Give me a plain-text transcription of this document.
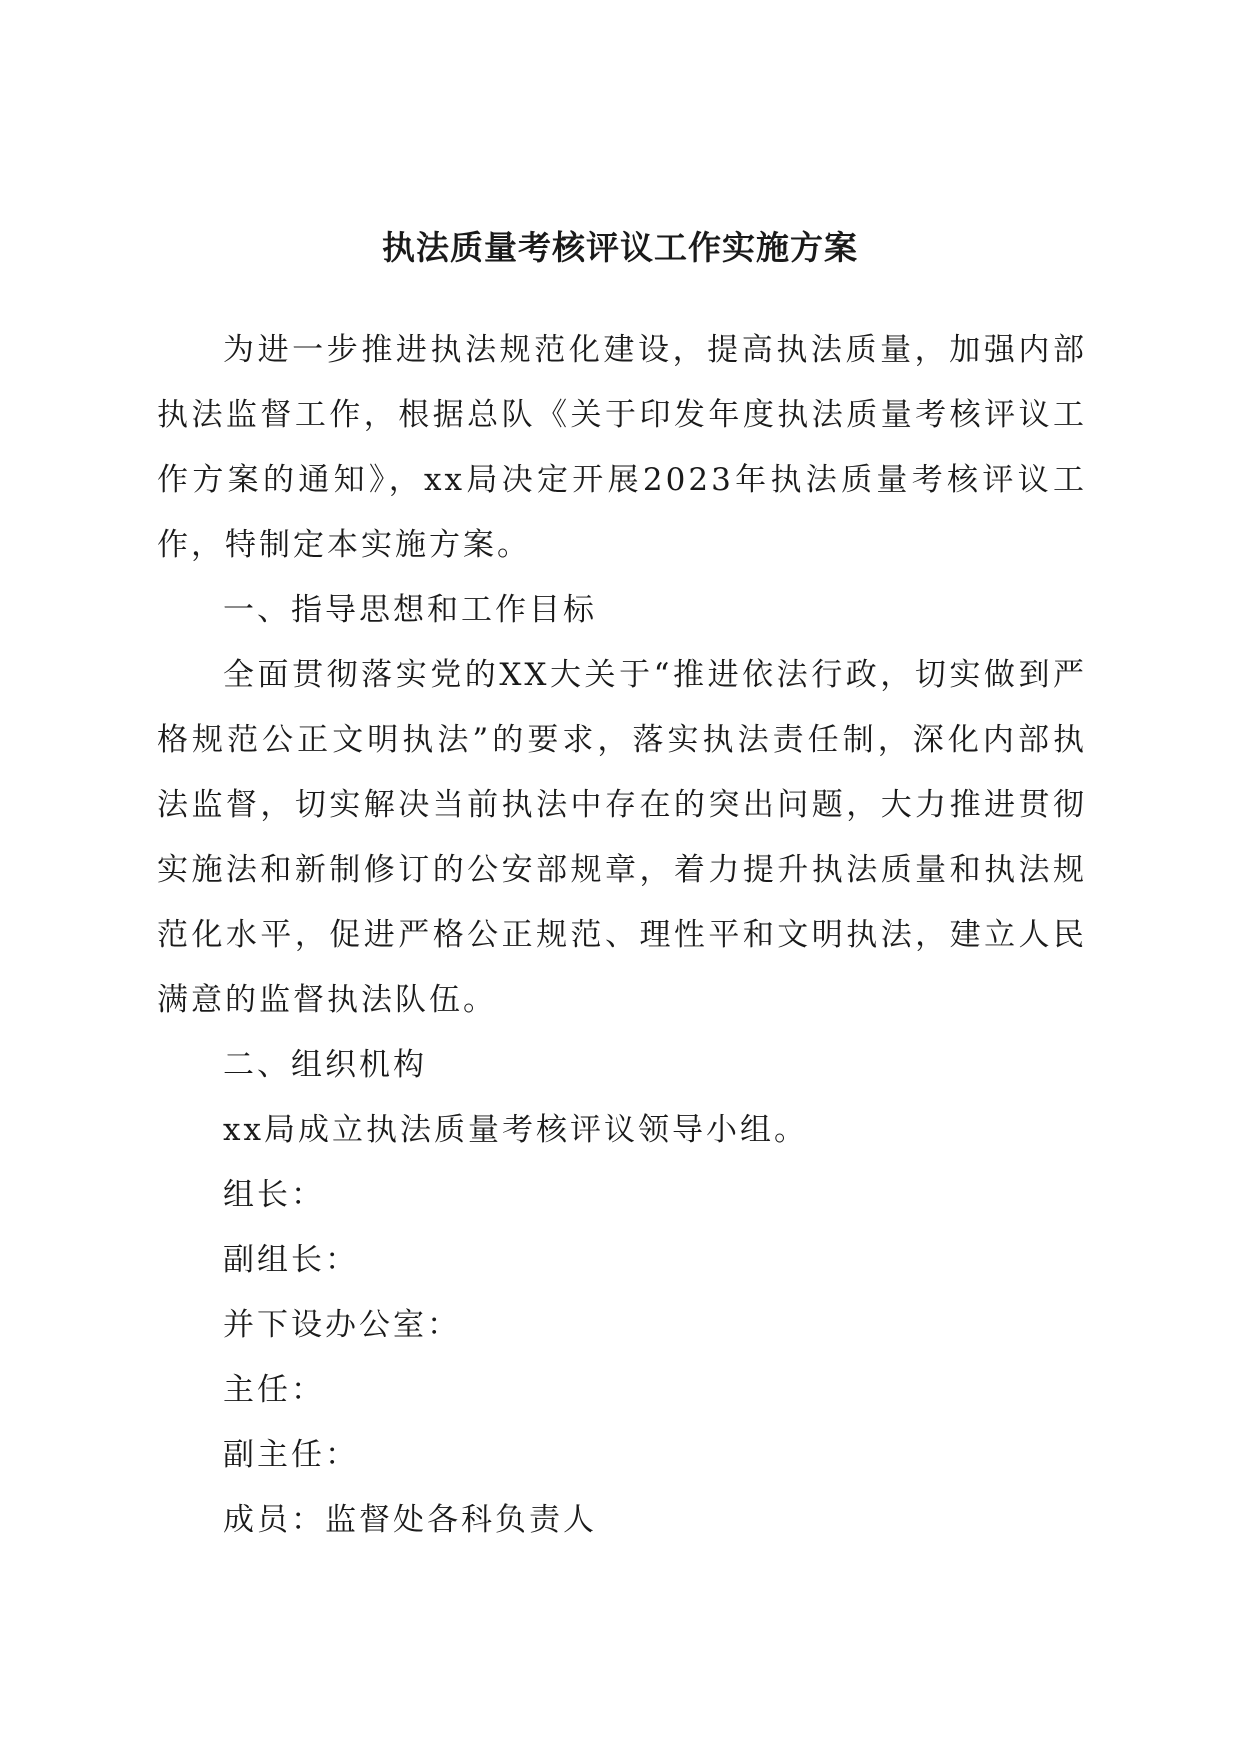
执法质量考核评议工作实施方案

为进一步推进执法规范化建设，提高执法质量，加强内部执法监督工作，根据总队《关于印发年度执法质量考核评议工作方案的通知》，xx局决定开展2023年执法质量考核评议工作，特制定本实施方案。

一、指导思想和工作目标

全面贯彻落实党的XX大关于“推进依法行政，切实做到严格规范公正文明执法”的要求，落实执法责任制，深化内部执法监督，切实解决当前执法中存在的突出问题，大力推进贯彻实施法和新制修订的公安部规章，着力提升执法质量和执法规范化水平，促进严格公正规范、理性平和文明执法，建立人民满意的监督执法队伍。

二、组织机构

xx局成立执法质量考核评议领导小组。

组长：

副组长：

并下设办公室：

主任：

副主任：

成员：监督处各科负责人
